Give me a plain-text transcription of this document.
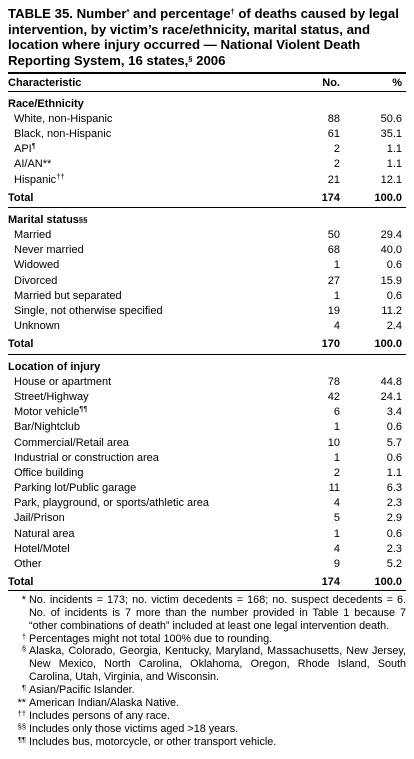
TABLE 35. Number* and percentage† of deaths caused by legal intervention, by victim’s race/ethnicity, marital status, and location where injury occurred — National Violent Death Reporting System, 16 states,§ 2006

Characteristic	No.	%
Race/Ethnicity
White, non-Hispanic	88	50.6
Black, non-Hispanic	61	35.1
API¶	2	1.1
AI/AN**	2	1.1
Hispanic††	21	12.1
Total	174	100.0
Marital status §§
Married	50	29.4
Never married	68	40.0
Widowed	1	0.6
Divorced	27	15.9
Married but separated	1	0.6
Single, not otherwise specified	19	11.2
Unknown	4	2.4
Total	170	100.0
Location of injury
House or apartment	78	44.8
Street/Highway	42	24.1
Motor vehicle¶¶	6	3.4
Bar/Nightclub	1	0.6
Commercial/Retail area	10	5.7
Industrial or construction area	1	0.6
Office building	2	1.1
Parking lot/Public garage	11	6.3
Park, playground, or sports/athletic area	4	2.3
Jail/Prison	5	2.9
Natural area	1	0.6
Hotel/Motel	4	2.3
Other	9	5.2
Total	174	100.0
* No. incidents = 173; no. victim decedents = 168; no. suspect decedents = 6. No. of incidents is 7 more than the number provided in Table 1 because 7 “other combinations of death” included at least one legal intervention death.
† Percentages might not total 100% due to rounding.
§ Alaska, Colorado, Georgia, Kentucky, Maryland, Massachusetts, New Jersey, New Mexico, North Carolina, Oklahoma, Oregon, Rhode Island, South Carolina, Utah, Virginia, and Wisconsin.
¶ Asian/Pacific Islander.
** American Indian/Alaska Native.
†† Includes persons of any race.
§§ Includes only those victims aged >18 years.
¶¶ Includes bus, motorcycle, or other transport vehicle.
